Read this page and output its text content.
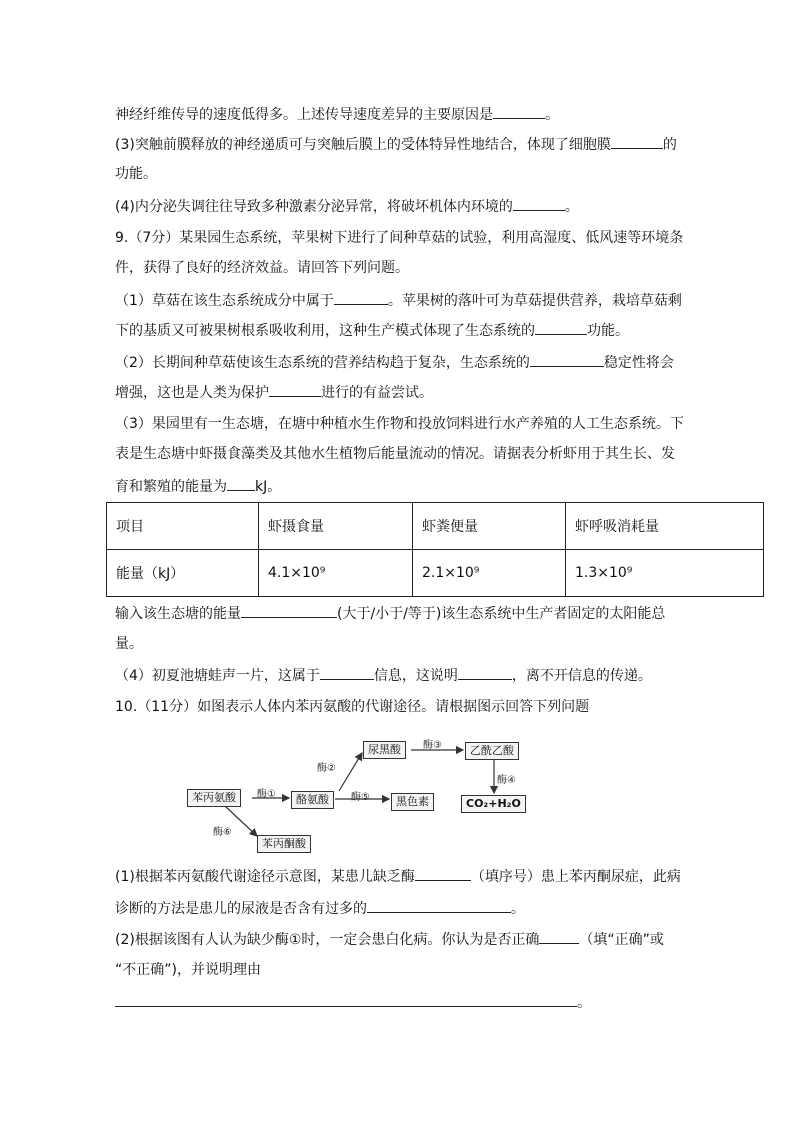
神经纤维传导的速度低得多。上述传导速度差异的主要原因是	。
(3)突触前膜释放的神经递质可与突触后膜上的受体特异性地结合，体现了细胞膜	的
功能。
(4)内分泌失调往往导致多种激素分泌异常，将破坏机体内环境的	。
9.（7分）某果园生态系统，苹果树下进行了间种草菇的试验，利用高湿度、低风速等环境条
件，获得了良好的经济效益。请回答下列问题。
（1）草菇在该生态系统成分中属于	。苹果树的落叶可为草菇提供营养，栽培草菇剩
下的基质又可被果树根系吸收利用，这种生产模式体现了生态系统的	功能。
（2）长期间种草菇使该生态系统的营养结构趋于复杂，生态系统的	稳定性将会
增强，这也是人类为保护	进行的有益尝试。
（3）果园里有一生态塘，在塘中种植水生作物和投放饲料进行水产养殖的人工生态系统。下
表是生态塘中虾摄食藻类及其他水生植物后能量流动的情况。请据表分析虾用于其生长、发
育和繁殖的能量为 kJ。
项目	虾摄食量	虾粪便量	虾呼吸消耗量
能量（kJ）	4.1×10⁹	2.1×10⁹	1.3×10⁹
输入该生态塘的能量	(大于/小于/等于)该生态系统中生产者固定的太阳能总
量。
（4）初夏池塘蛙声一片，这属于	信息，这说明	，离不开信息的传递。
10.（11分）如图表示人体内苯丙氨酸的代谢途径。请根据图示回答下列问题
苯丙氨酸	酪氨酸
尿黑酸	乙酰乙酸
CO₂+H₂O
黑色素
苯丙酮酸
酶①
酶②
酶③
酶④
酶⑤
酶⑥
(1)根据苯丙氨酸代谢途径示意图，某患儿缺乏酶	（填序号）患上苯丙酮尿症，此病
诊断的方法是患儿的尿液是否含有过多的	。
(2)根据该图有人认为缺少酶①时，一定会患白化病。你认为是否正确	（填“正确”或
“不正确”)，并说明理由
。
